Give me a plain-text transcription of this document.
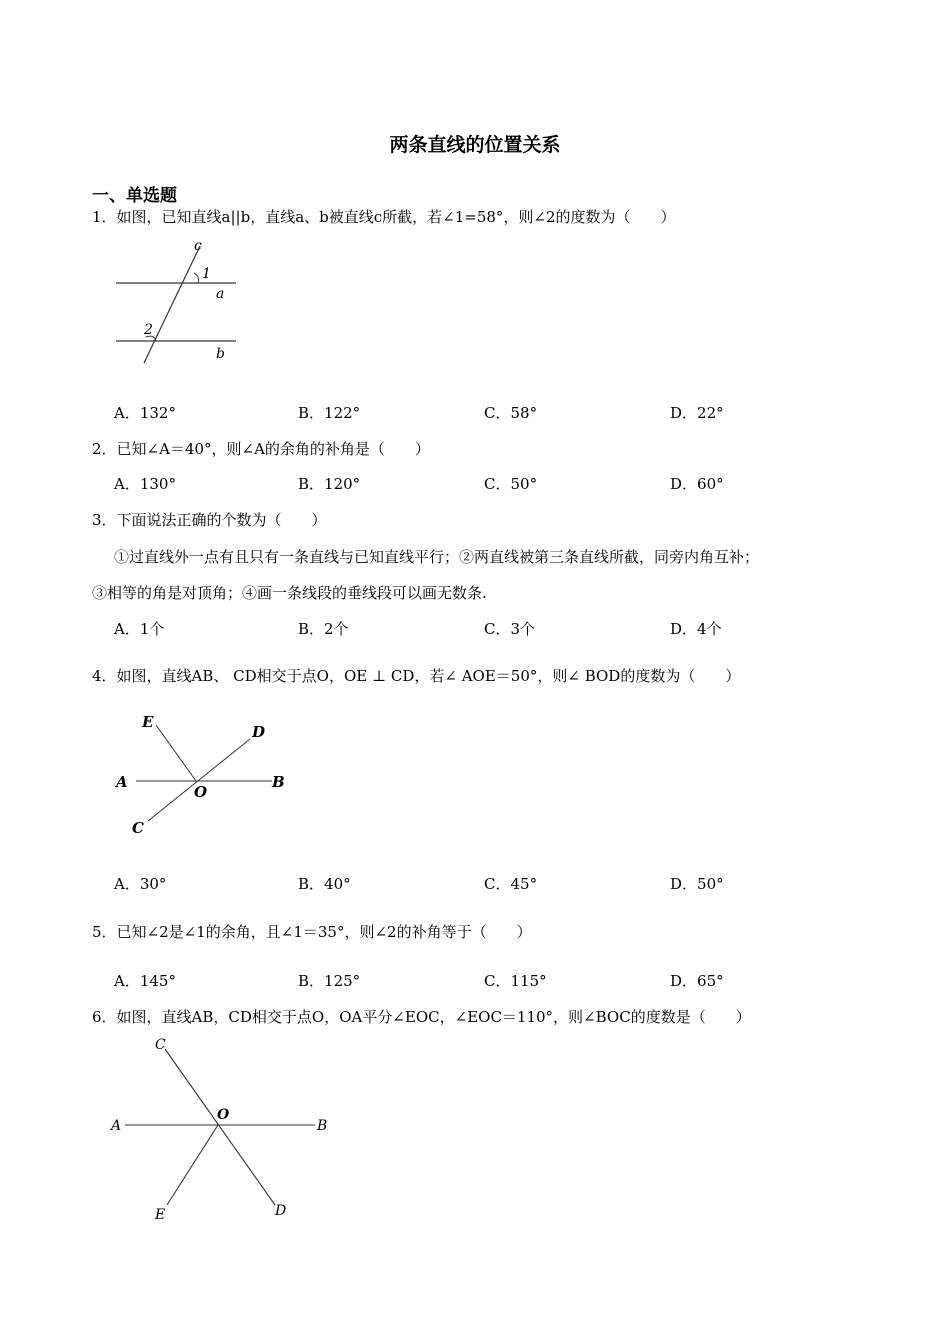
两条直线的位置关系
一、单选题
1．如图，已知直线a||b，直线a、b被直线c所截，若∠1=58°，则∠2的度数为（　　）
c
1
a
2
b
A．132°	B．122°	C．58°	D．22°
2．已知∠A＝40°，则∠A的余角的补角是（　　）
A．130°	B．120°	C．50°	D．60°
3．下面说法正确的个数为（　　）
①过直线外一点有且只有一条直线与已知直线平行；②两直线被第三条直线所截，同旁内角互补；
③相等的角是对顶角；④画一条线段的垂线段可以画无数条.
A．1个	B．2个	C．3个	D．4个
4．如图，直线AB、 CD相交于点O，OE ⊥ CD，若∠ AOE＝50°，则∠ BOD的度数为（　　）
E
D
A
O
B
C
A．30°	B．40°	C．45°	D．50°
5．已知∠2是∠1的余角，且∠1＝35°，则∠2的补角等于（　　）
A．145°	B．125°	C．115°	D．65°
6．如图，直线AB，CD相交于点O，OA平分∠EOC，∠EOC＝110°，则∠BOC的度数是（　　）
C
O
A	B
E	D
